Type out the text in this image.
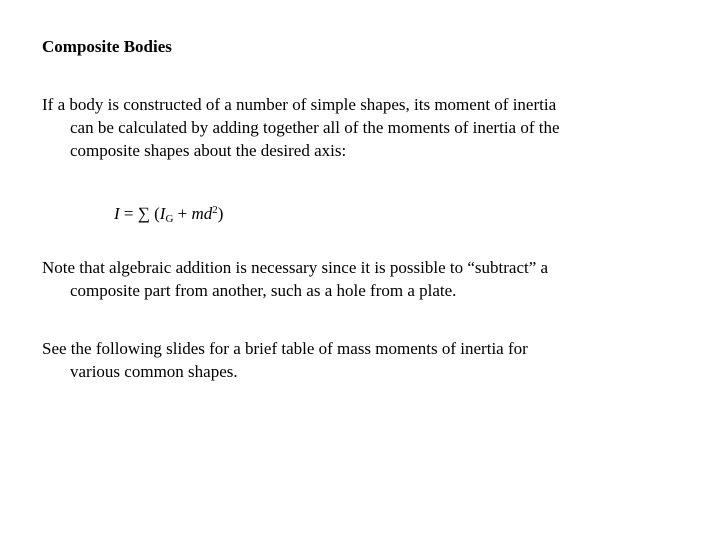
Composite Bodies
If a body is constructed of a number of simple shapes, its moment of inertia
can be calculated by adding together all of the moments of inertia of the
composite shapes about the desired axis:
I = ∑ $(I_G + md^2)$
Note that algebraic addition is necessary since it is possible to “subtract” a
composite part from another, such as a hole from a plate.
See the following slides for a brief table of mass moments of inertia for
various common shapes.
